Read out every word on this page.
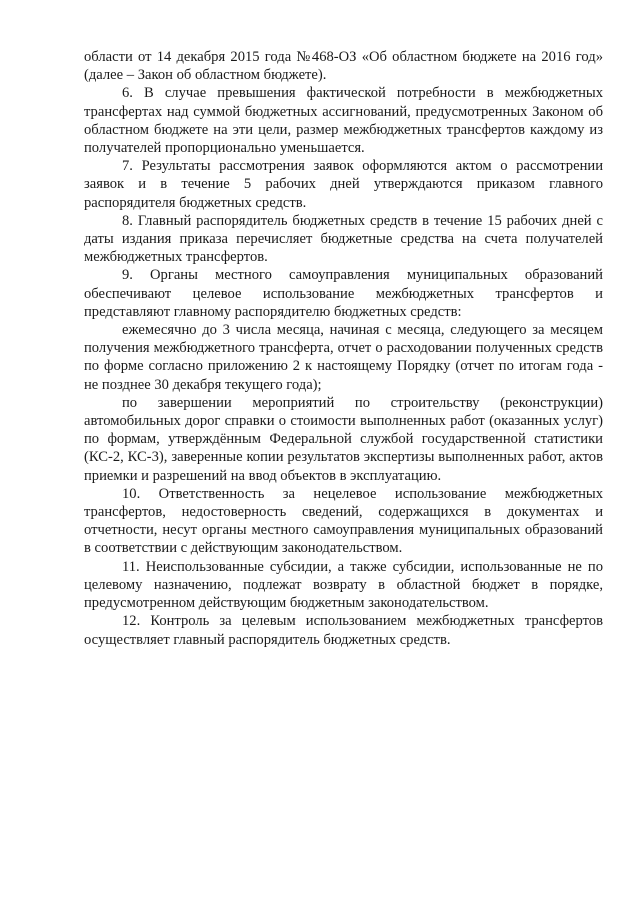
области от 14 декабря 2015 года №468-ОЗ «Об областном бюджете на 2016 год» (далее – Закон об областном бюджете).

6. В случае превышения фактической потребности в межбюджетных трансфертах над суммой бюджетных ассигнований, предусмотренных Законом об областном бюджете на эти цели, размер межбюджетных трансфертов каждому из получателей пропорционально уменьшается.

7. Результаты рассмотрения заявок оформляются актом о рассмотрении заявок и в течение 5 рабочих дней утверждаются приказом главного распорядителя бюджетных средств.

8. Главный распорядитель бюджетных средств в течение 15 рабочих дней с даты издания приказа перечисляет бюджетные средства на счета получателей межбюджетных трансфертов.

9. Органы местного самоуправления муниципальных образований обеспечивают целевое использование межбюджетных трансфертов и представляют главному распорядителю бюджетных средств:

ежемесячно до 3 числа месяца, начиная с месяца, следующего за месяцем получения межбюджетного трансферта, отчет о расходовании полученных средств по форме согласно приложению 2 к настоящему Порядку (отчет по итогам года - не позднее 30 декабря текущего года);

по завершении мероприятий по строительству (реконструкции) автомобильных дорог справки о стоимости выполненных работ (оказанных услуг) по формам, утверждённым Федеральной службой государственной статистики (КС-2, КС-3), заверенные копии результатов экспертизы выполненных работ, актов приемки и разрешений на ввод объектов в эксплуатацию.

10. Ответственность за нецелевое использование межбюджетных трансфертов, недостоверность сведений, содержащихся в документах и отчетности, несут органы местного самоуправления муниципальных образований в соответствии с действующим законодательством.

11. Неиспользованные субсидии, а также субсидии, использованные не по целевому назначению, подлежат возврату в областной бюджет в порядке, предусмотренном действующим бюджетным законодательством.

12. Контроль за целевым использованием межбюджетных трансфертов осуществляет главный распорядитель бюджетных средств.
